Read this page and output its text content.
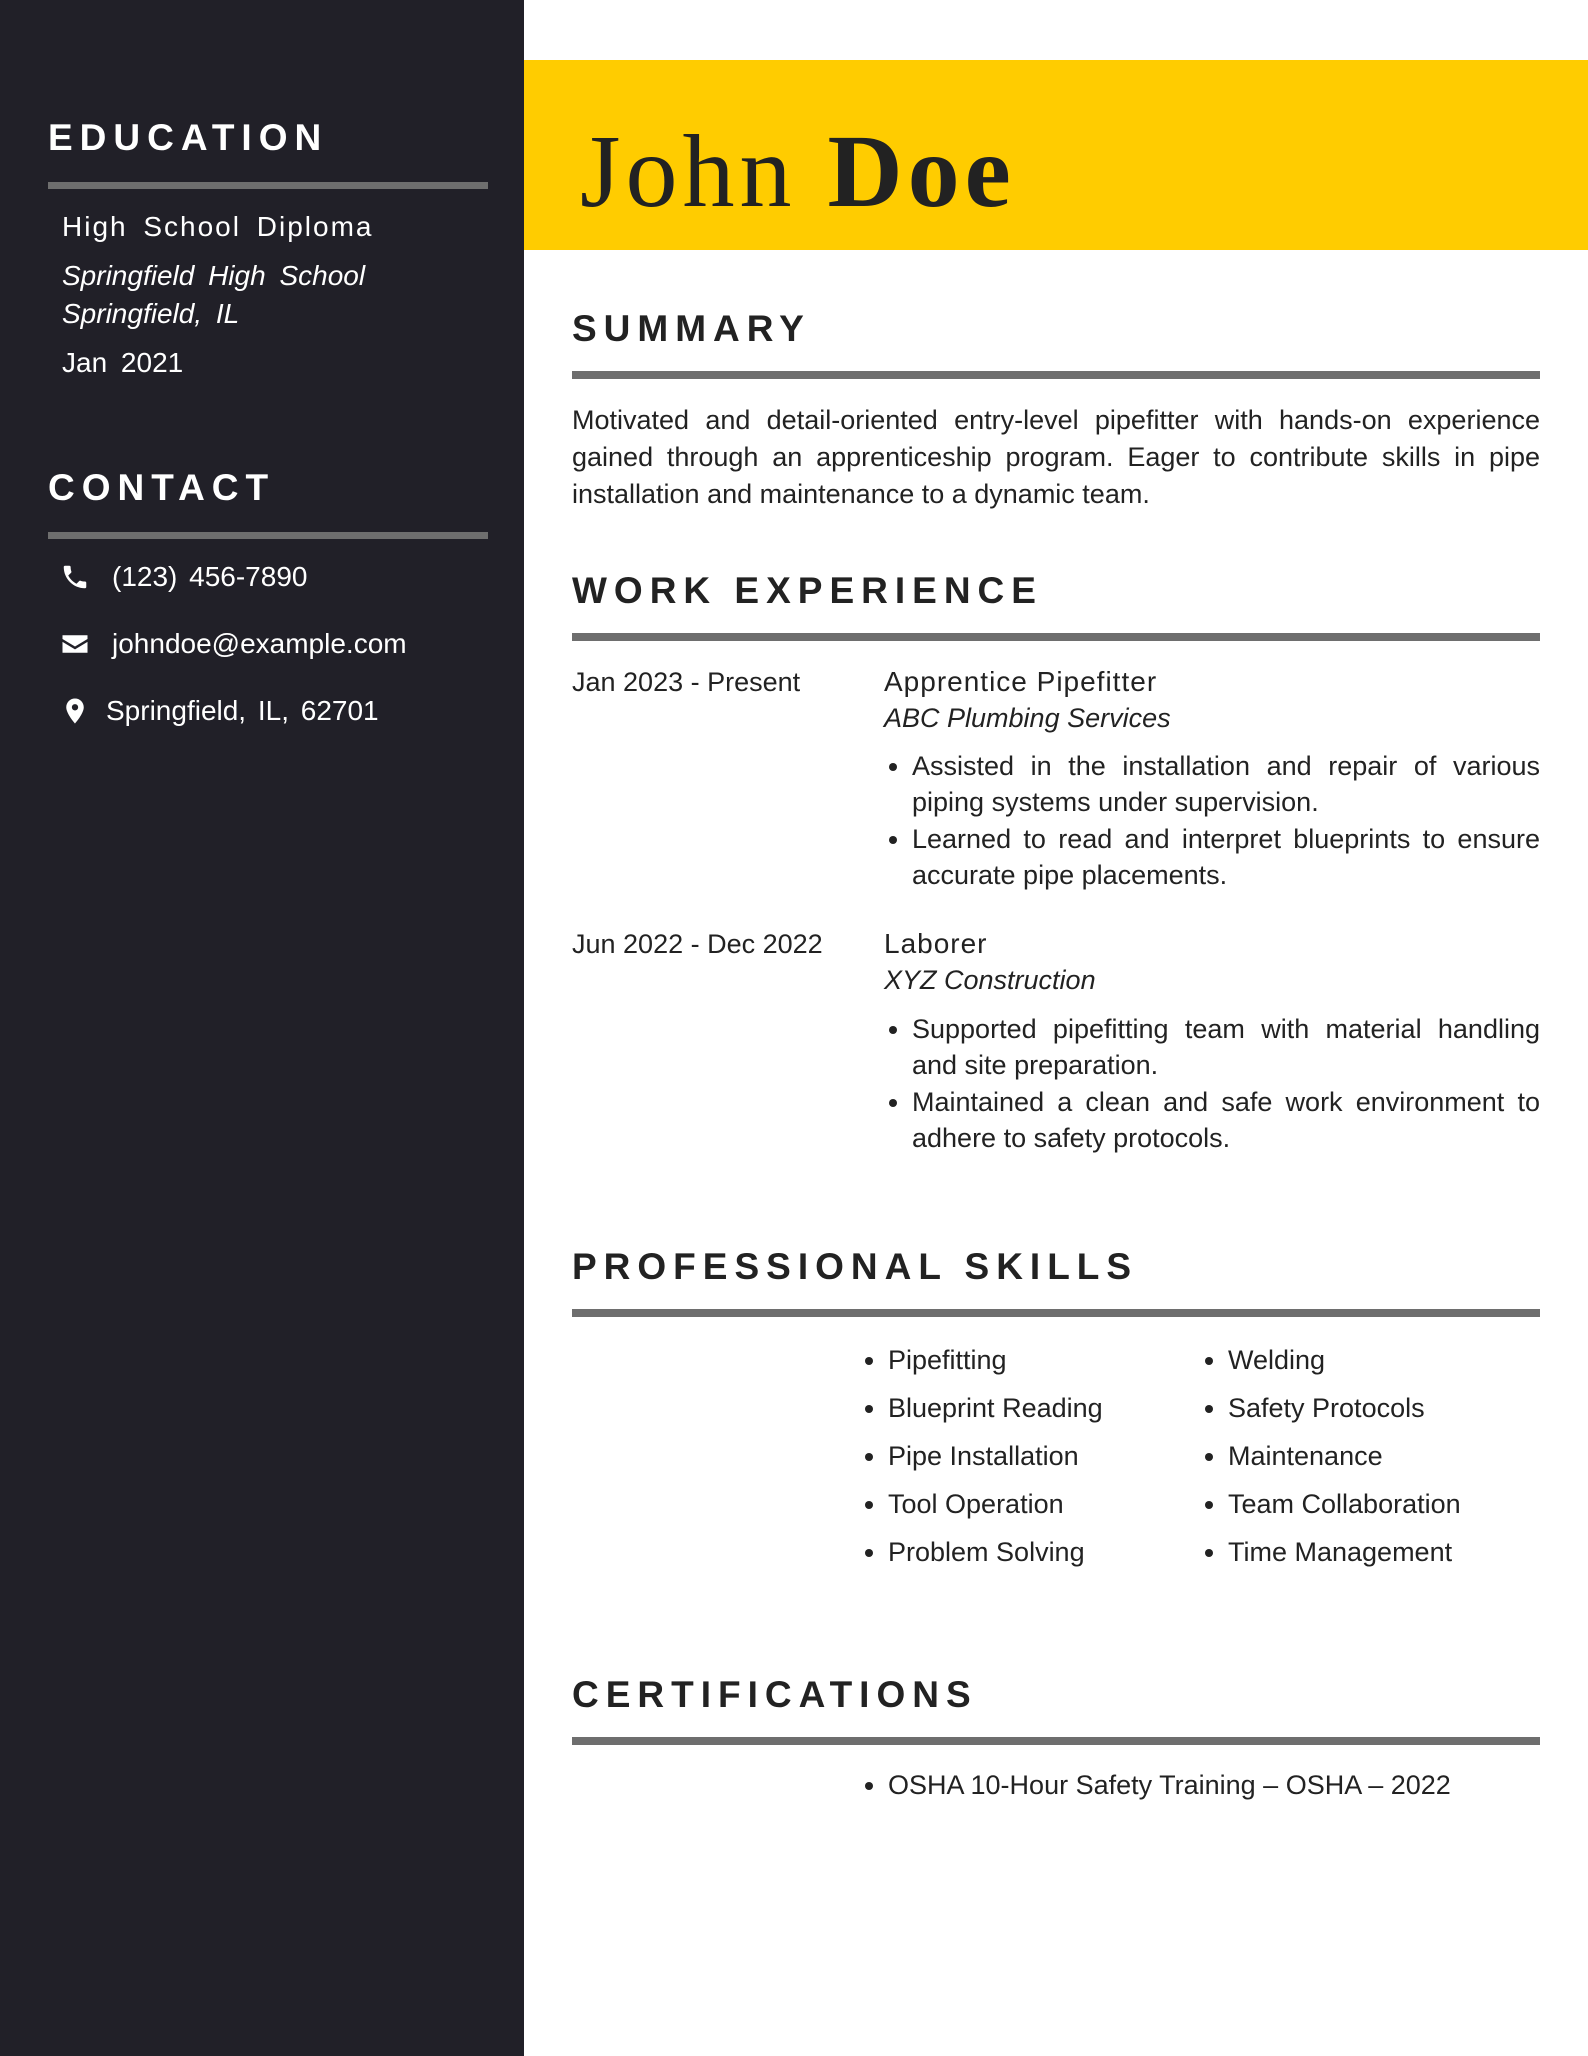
EDUCATION
High School Diploma
Springfield High School
Springfield, IL
Jan 2021
CONTACT
(123) 456-7890
johndoe@example.com
Springfield, IL, 62701
John Doe
SUMMARY

Motivated and detail-oriented entry-level pipefitter with hands-on experience gained through an apprenticeship program. Eager to contribute skills in pipe installation and maintenance to a dynamic team.

WORK EXPERIENCE
Jan 2023 - Present	Apprentice Pipefitter
ABC Plumbing Services
• Assisted in the installation and repair of various piping systems under supervision.
• Learned to read and interpret blueprints to ensure accurate pipe placements.
Jun 2022 - Dec 2022 Laborer
XYZ Construction
• Supported pipefitting team with material handling and site preparation.
• Maintained a clean and safe work environment to adhere to safety protocols.
PROFESSIONAL SKILLS
• Pipefitting
• Blueprint Reading
• Pipe Installation
• Tool Operation
• Problem Solving
• Welding
• Safety Protocols
• Maintenance
• Team Collaboration
• Time Management
CERTIFICATIONS
• OSHA 10-Hour Safety Training – OSHA – 2022
